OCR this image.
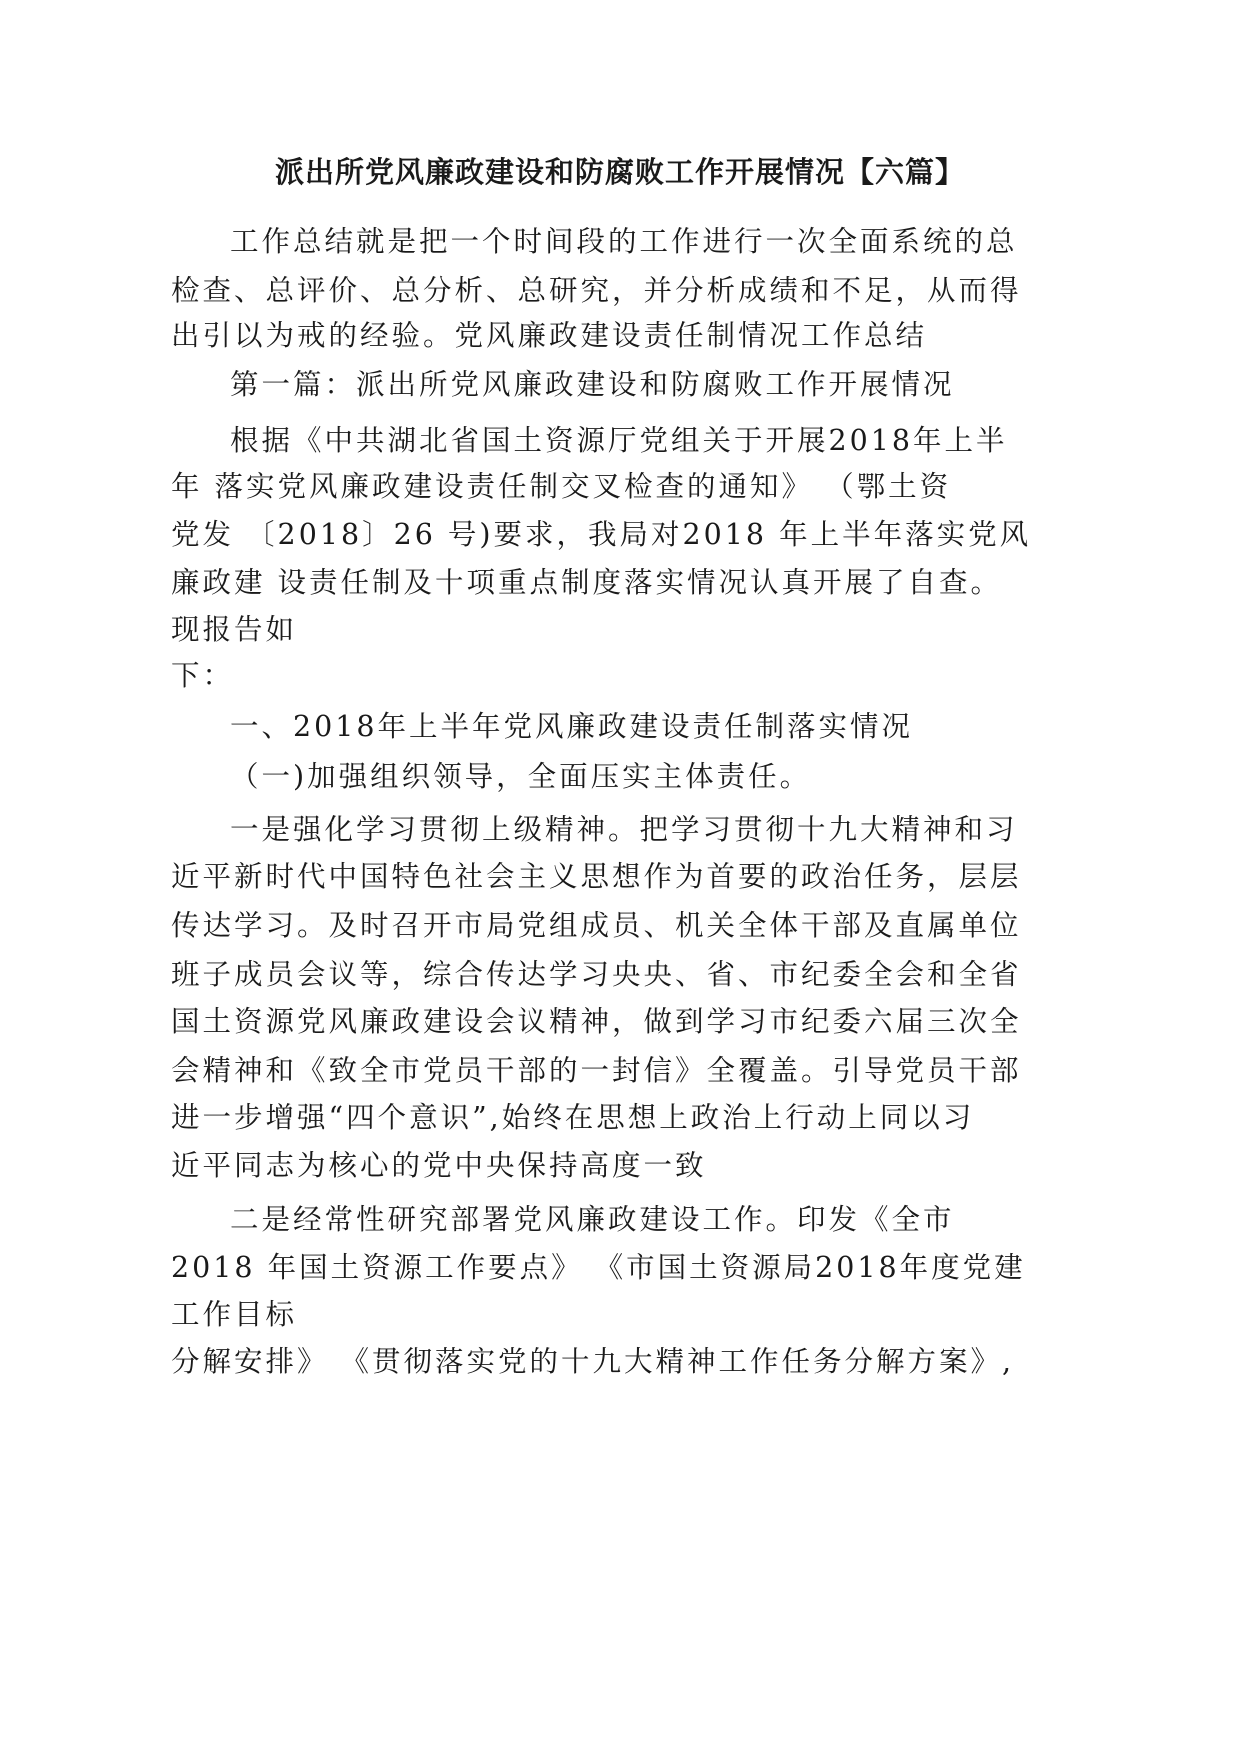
派出所党风廉政建设和防腐败工作开展情况【六篇】
工作总结就是把一个时间段的工作进行一次全面系统的总
检查、总评价、总分析、总研究，并分析成绩和不足，从而得
出引以为戒的经验。党风廉政建设责任制情况工作总结
第一篇：派出所党风廉政建设和防腐败工作开展情况
根据《中共湖北省国土资源厅党组关于开展2018年上半
年 落实党风廉政建设责任制交叉检查的通知》 （鄂土资
党发 〔2018〕26 号)要求，我局对2018 年上半年落实党风
廉政建 设责任制及十项重点制度落实情况认真开展了自查。
现报告如
下：
一、2018年上半年党风廉政建设责任制落实情况
（一)加强组织领导，全面压实主体责任。
一是强化学习贯彻上级精神。把学习贯彻十九大精神和习
近平新时代中国特色社会主义思想作为首要的政治任务，层层
传达学习。及时召开市局党组成员、机关全体干部及直属单位
班子成员会议等，综合传达学习央央、省、市纪委全会和全省
国土资源党风廉政建设会议精神，做到学习市纪委六届三次全
会精神和《致全市党员干部的一封信》全覆盖。引导党员干部
进一步增强“四个意识”,始终在思想上政治上行动上同以习
近平同志为核心的党中央保持高度一致
二是经常性研究部署党风廉政建设工作。印发《全市
2018 年国土资源工作要点》 《市国土资源局2018年度党建
工作目标
分解安排》 《贯彻落实党的十九大精神工作任务分解方案》,
